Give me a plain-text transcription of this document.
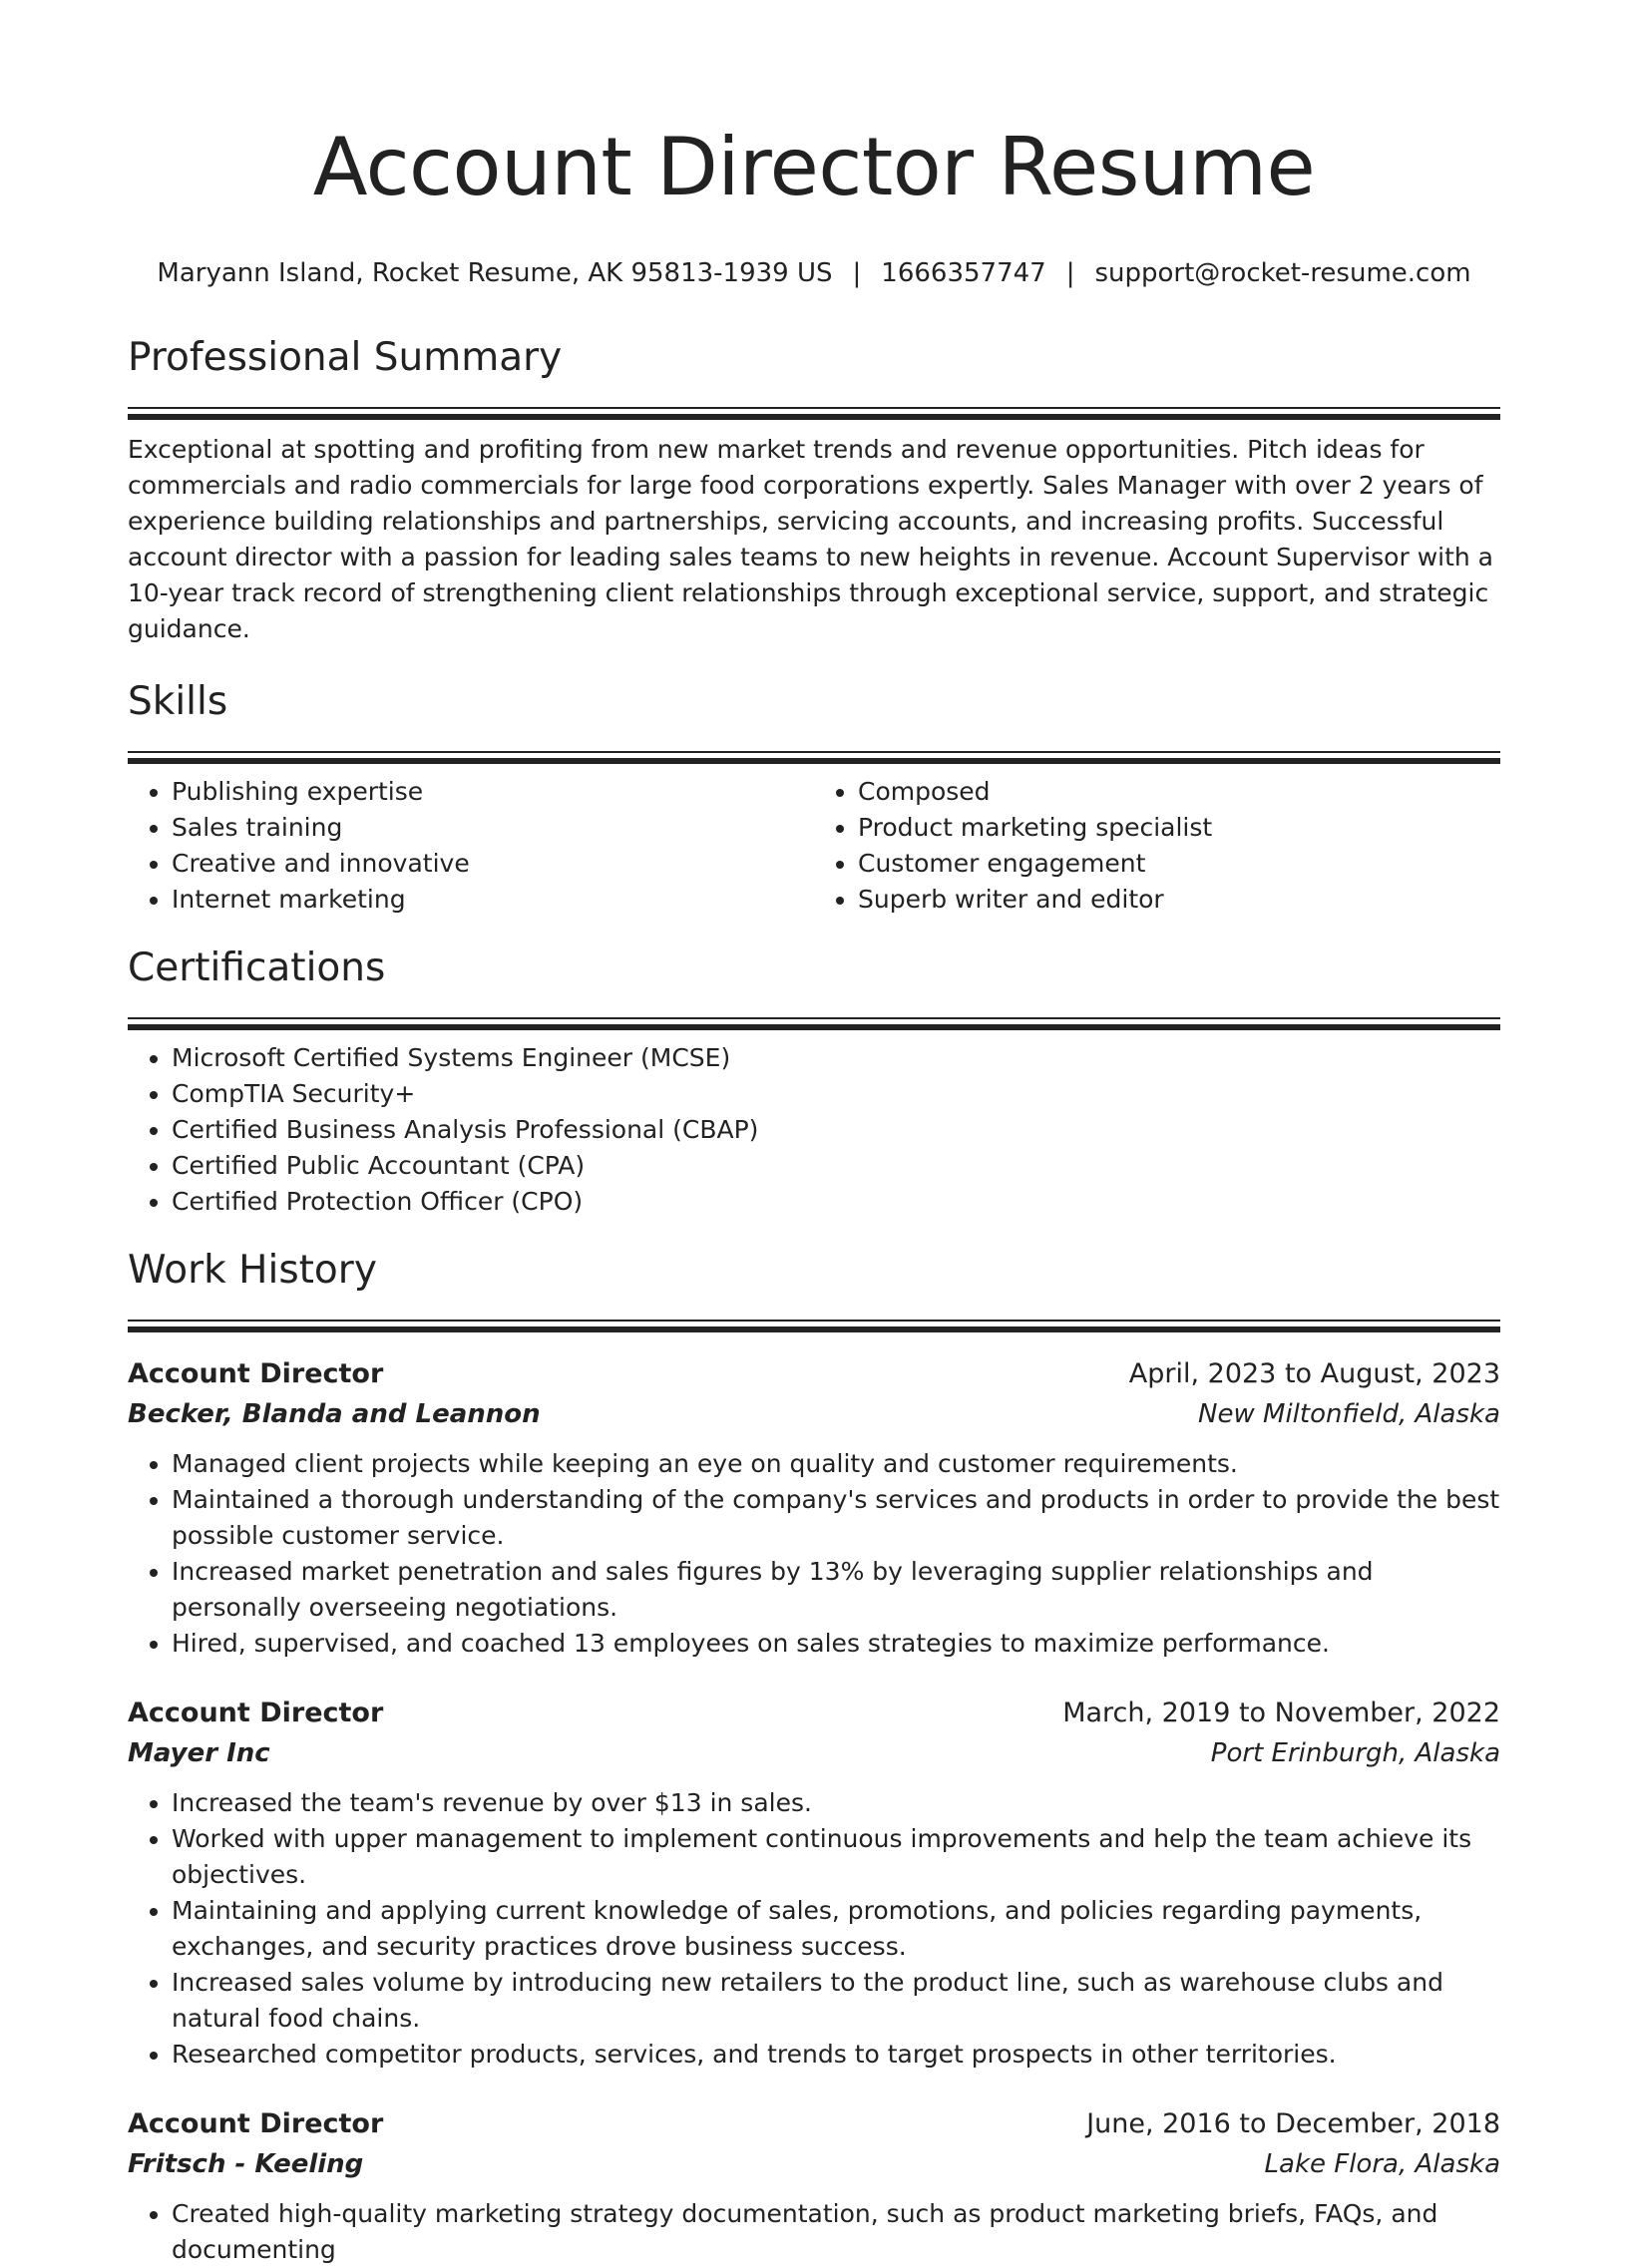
Account Director Resume
Maryann Island, Rocket Resume, AK 95813-1939 US | 1666357747 | support@rocket-resume.com
Professional Summary

Exceptional at spotting and profiting from new market trends and revenue opportunities. Pitch ideas for commercials and radio commercials for large food corporations expertly. Sales Manager with over 2 years of experience building relationships and partnerships, servicing accounts, and increasing profits. Successful account director with a passion for leading sales teams to new heights in revenue. Account Supervisor with a 10-year track record of strengthening client relationships through exceptional service, support, and strategic guidance.

Skills
• Publishing expertise
• Sales training
• Creative and innovative
• Internet marketing
• Composed
• Product marketing specialist
• Customer engagement
• Superb writer and editor
Certifications
• Microsoft Certified Systems Engineer (MCSE)
• CompTIA Security+
• Certified Business Analysis Professional (CBAP)
• Certified Public Accountant (CPA)
• Certified Protection Officer (CPO)
Work History
Account Director	April, 2023 to August, 2023
Becker, Blanda and Leannon	New Miltonfield, Alaska
• Managed client projects while keeping an eye on quality and customer requirements.
• Maintained a thorough understanding of the company's services and products in order to provide the best possible customer service.
• Increased market penetration and sales figures by 13% by leveraging supplier relationships and personally overseeing negotiations.
• Hired, supervised, and coached 13 employees on sales strategies to maximize performance.
Account Director	March, 2019 to November, 2022
Mayer Inc	Port Erinburgh, Alaska
• Increased the team's revenue by over $13 in sales.
• Worked with upper management to implement continuous improvements and help the team achieve its objectives.
• Maintaining and applying current knowledge of sales, promotions, and policies regarding payments, exchanges, and security practices drove business success.
• Increased sales volume by introducing new retailers to the product line, such as warehouse clubs and natural food chains.
• Researched competitor products, services, and trends to target prospects in other territories.
Account Director	June, 2016 to December, 2018
Fritsch - Keeling	Lake Flora, Alaska
• Created high-quality marketing strategy documentation, such as product marketing briefs, FAQs, and documenting
